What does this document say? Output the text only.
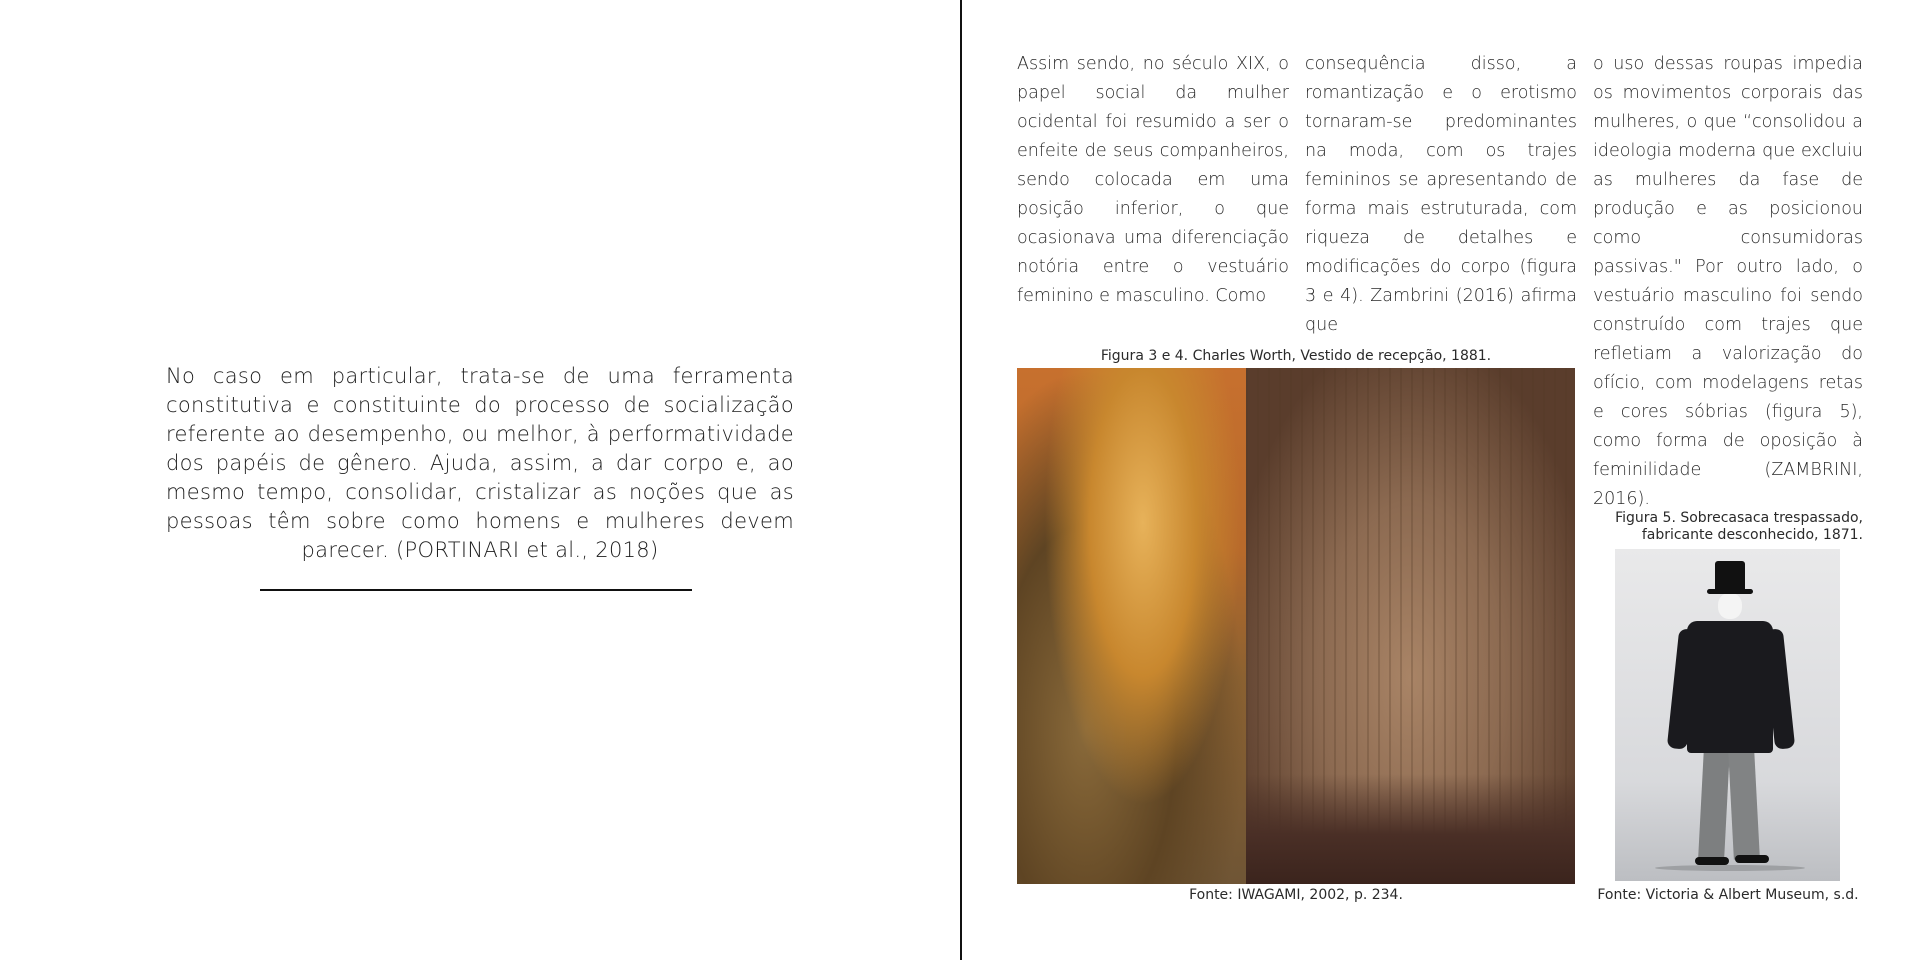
No caso em particular, trata-se de uma ferramenta constitutiva e constituinte do processo de socialização referente ao desempenho, ou melhor, à performatividade dos papéis de gênero. Ajuda, assim, a dar corpo e, ao mesmo tempo, consolidar, cristalizar as noções que as pessoas têm sobre como homens e mulheres devem parecer. (PORTINARI et al., 2018)

Assim sendo, no século XIX, o papel social da mulher ocidental foi resumido a ser o enfeite de seus companheiros, sendo colocada em uma posição inferior, o que ocasionava uma diferenciação notória entre o vestuário feminino e masculino. Como

consequência disso, a romantização e o erotismo tornaram-se predominantes na moda, com os trajes femininos se apresentando de forma mais estruturada, com riqueza de detalhes e modificações do corpo (figura 3 e 4). Zambrini (2016) afirma que

o uso dessas roupas impedia os movimentos corporais das mulheres, o que “consolidou a ideologia moderna que excluiu as mulheres da fase de produção e as posicionou como consumidoras passivas." Por outro lado, o vestuário masculino foi sendo construído com trajes que refletiam a valorização do ofício, com modelagens retas e cores sóbrias (figura 5), como forma de oposição à feminilidade (ZAMBRINI, 2016).

Figura 3 e 4. Charles Worth, Vestido de recepção, 1881.
Fonte: IWAGAMI, 2002, p. 234.
Figura 5. Sobrecasaca trespassado, fabricante desconhecido, 1871.
Fonte: Victoria & Albert Museum, s.d.
